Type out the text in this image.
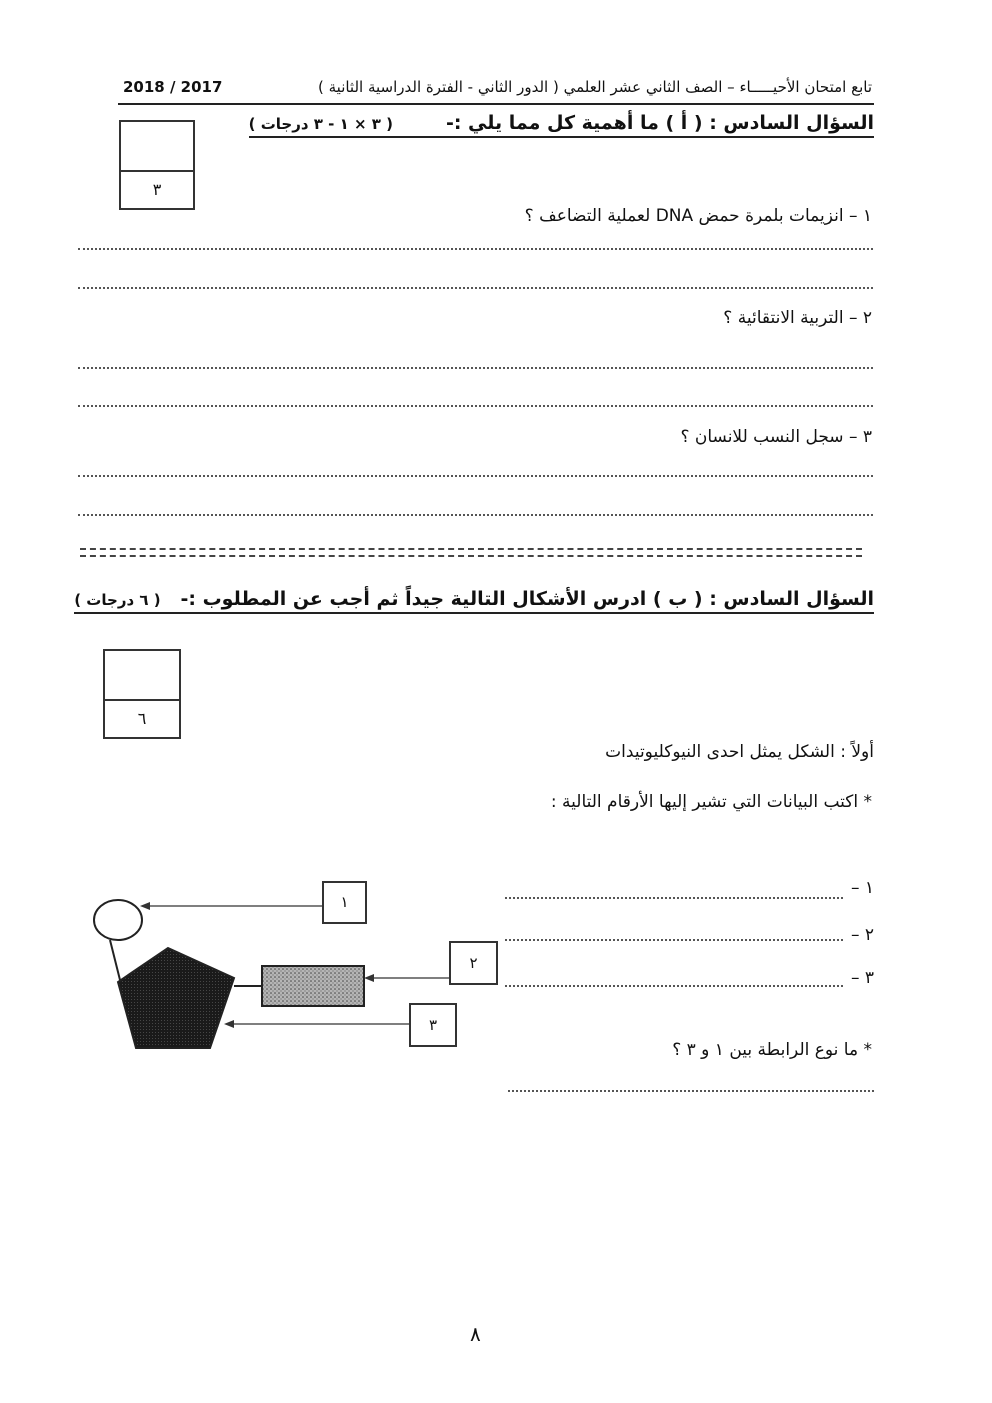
تابع امتحان الأحيـــــاء – الصف الثاني عشر العلمي ( الدور الثاني - الفترة الدراسية الثانية )
2018 / 2017
السؤال السادس : ( أ ) ما أهمية كل مما يلي :-        ( ٣ × ١ - ٣ درجات )
٣
١ – انزيمات بلمرة حمض DNA لعملية التضاعف ؟
٢ – التربية الانتقائية ؟
٣ – سجل النسب للانسان ؟
السؤال السادس : ( ب ) ادرس الأشكال التالية جيداً ثم أجب عن المطلوب :-   ( ٦ درجات )
٦
أولاً : الشكل يمثل احدى النيوكليوتيدات
* اكتب البيانات التي تشير إليها الأرقام التالية :
١ –
٢ –
٣ –
* ما نوع الرابطة بين ١ و ٣ ؟
١
٢
٣
٨
